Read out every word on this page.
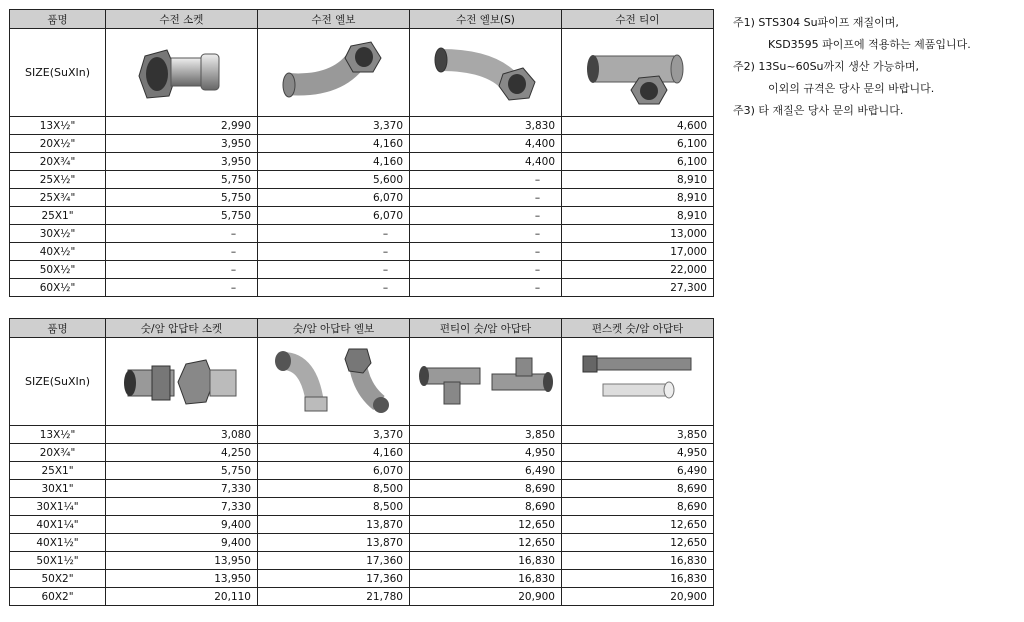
품명	수전 소켓	수전 엘보	수전 엘보(S)	수전 티이
SIZE(SuXIn)	

13X½"	2,990	3,370	3,830	4,600
20X½"	3,950	4,160	4,400	6,100
20X¾"	3,950	4,160	4,400	6,100
25X½"	5,750	5,600	–	8,910
25X¾"	5,750	6,070	–	8,910
25X1"	5,750	6,070	–	8,910
30X½"	–	–	–	13,000
40X½"	–	–	–	17,000
50X½"	–	–	–	22,000
60X½"	–	–	–	27,300
품명	숫/암 압답타 소켓	숫/암 아답타 엘보	편티이 숫/암 아답타	편스켓 숫/암 아답타
SIZE(SuXIn)	

13X½"	3,080	3,370	3,850	3,850
20X¾"	4,250	4,160	4,950	4,950
25X1"	5,750	6,070	6,490	6,490
30X1"	7,330	8,500	8,690	8,690
30X1¼"	7,330	8,500	8,690	8,690
40X1¼"	9,400	13,870	12,650	12,650
40X1½"	9,400	13,870	12,650	12,650
50X1½"	13,950	17,360	16,830	16,830
50X2"	13,950	17,360	16,830	16,830
60X2"	20,110	21,780	20,900	20,900
주1) STS304 Su파이프 재질이며,
KSD3595 파이프에 적용하는 제품입니다.
주2) 13Su~60Su까지 생산 가능하며,
이외의 규격은 당사 문의 바랍니다.
주3) 타 재질은 당사 문의 바랍니다.
